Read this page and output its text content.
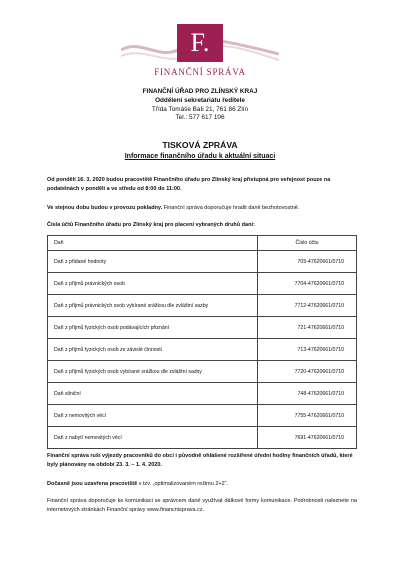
F.
FINANČNÍ SPRÁVA
FINANČNÍ ÚŘAD PRO ZLÍNSKÝ KRAJ
Oddělení sekretariátu ředitele
Třída Tomáše Bati 21, 761 86 Zlín
Tel.: 577 617 106
TISKOVÁ ZPRÁVA
Informace finančního úřadu k aktuální situaci
Od pondělí 16. 3. 2020 budou pracoviště Finančního úřadu pro Zlínský kraj přístupná pro veřejnost pouze na podatelnách v pondělí a ve středu od 8:00 do 11:00.
Ve stejnou dobu budou v provozu pokladny. Finanční správa doporučuje hradit daně bezhotovostně.
Čísla účtů Finančního úřadu pro Zlínský kraj pro placení vybraných druhů daní:
Daň	Číslo účtu
Daň z přidané hodnoty	705-47620661/0710
Daň z příjmů právnických osob	7704-47620661/0710
Daň z příjmů právnických osob vybírané srážkou dle zvláštní sazby	7712-47620661/0710
Daň z příjmů fyzických osob podávajících přiznání	721-47620661/0710
Daň z příjmů fyzických osob ze závislé činnosti	713-47620661/0710
Daň z příjmů fyzických osob vybírané srážkou dle zvláštní sazby	7720-47620661/0710
Daň silniční	748-47620661/0710
Daň z nemovitých věcí	7755-47620661/0710
Daň z nabytí nemovitých věcí	7691-47620661/0710
Finanční správa ruší výjezdy pracovníků do obcí i původně ohlášené rozšířené úřední hodiny finančních úřadů, které byly plánovány na období 23. 3. – 1. 4. 2020.
Dočasně jsou uzavřena pracoviště v tzv. „optimalizovaném režimu 2+2“.
Finanční správa doporučuje ke komunikaci se správcem daně využívat dálkové formy komunikace. Podrobnosti naleznete na internetových stránkách Finanční správy www.financnisprava.cz.
